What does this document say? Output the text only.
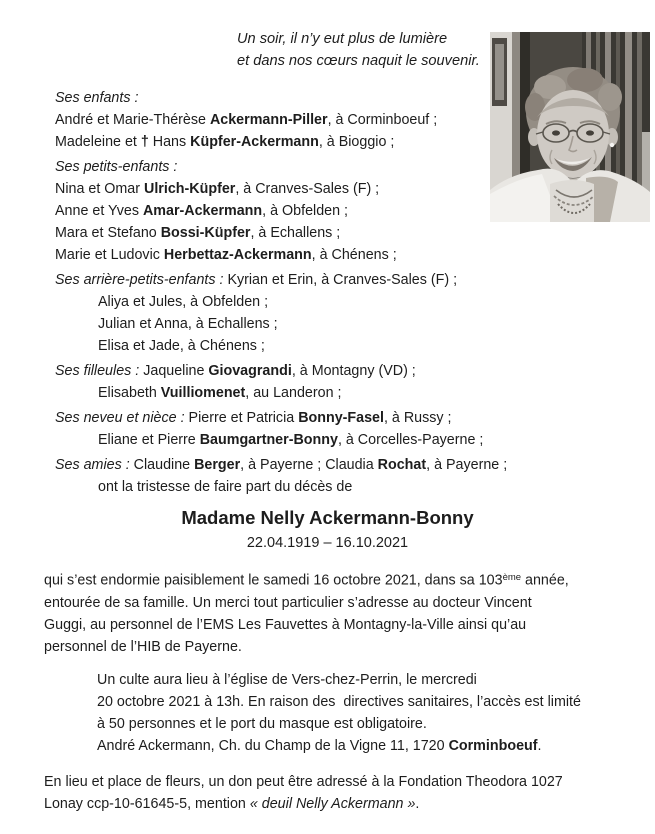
Un soir, il n’y eut plus de lumière
et dans nos cœurs naquit le souvenir.
Ses enfants :
André et Marie-Thérèse Ackermann-Piller, à Corminboeuf ;
Madeleine et † Hans Küpfer-Ackermann, à Bioggio ;
Ses petits-enfants :
Nina et Omar Ulrich-Küpfer, à Cranves-Sales (F) ;
Anne et Yves Amar-Ackermann, à Obfelden ;
Mara et Stefano Bossi-Küpfer, à Echallens ;
Marie et Ludovic Herbettaz-Ackermann, à Chénens ;
Ses arrière-petits-enfants : Kyrian et Erin, à Cranves-Sales (F) ;
Aliya et Jules, à Obfelden ;
Julian et Anna, à Echallens ;
Elisa et Jade, à Chénens ;
Ses filleules : Jaqueline Giovagrandi, à Montagny (VD) ;
Elisabeth Vuilliomenet, au Landeron ;
Ses neveu et nièce : Pierre et Patricia Bonny-Fasel, à Russy ;
Eliane et Pierre Baumgartner-Bonny, à Corcelles-Payerne ;
Ses amies : Claudine Berger, à Payerne ; Claudia Rochat, à Payerne ;
ont la tristesse de faire part du décès de
Madame Nelly Ackermann-Bonny
22.04.1919 – 16.10.2021
qui s’est endormie paisiblement le samedi 16 octobre 2021, dans sa 103ème année,
entourée de sa famille. Un merci tout particulier s’adresse au docteur Vincent
Guggi, au personnel de l’EMS Les Fauvettes à Montagny-la-Ville ainsi qu’au
personnel de l’HIB de Payerne.
Un culte aura lieu à l’église de Vers-chez-Perrin, le mercredi
20 octobre 2021 à 13h. En raison des  directives sanitaires, l’accès est limité
à 50 personnes et le port du masque est obligatoire.
André Ackermann, Ch. du Champ de la Vigne 11, 1720 Corminboeuf.
En lieu et place de fleurs, un don peut être adressé à la Fondation Theodora 1027
Lonay ccp-10-61645-5, mention « deuil Nelly Ackermann ».
